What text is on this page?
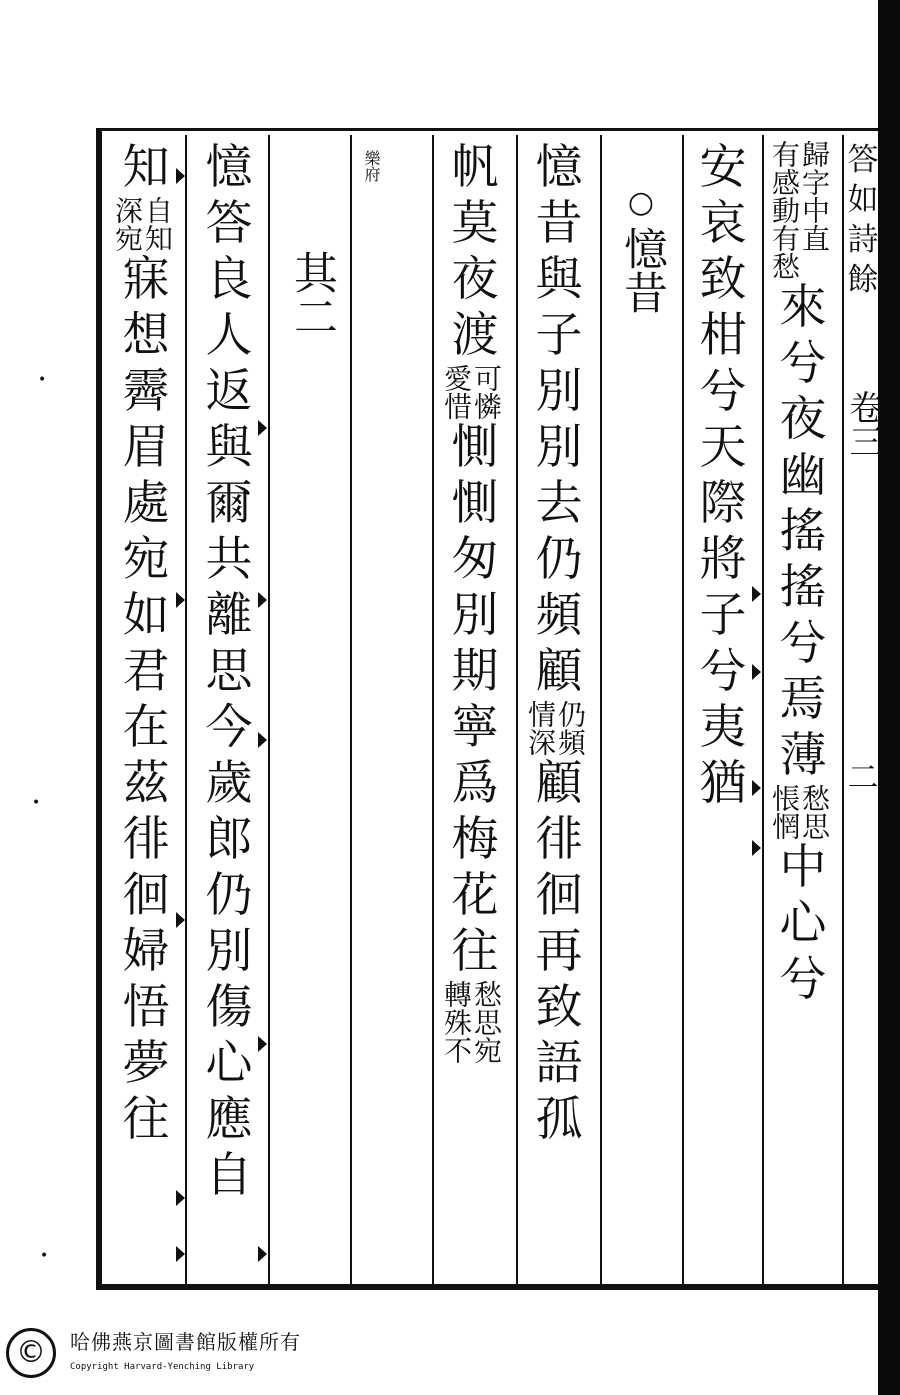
知
自知
深宛
寐
想
霽
眉
處
宛
如
君
在
茲
徘
徊
婦
悟
夢
往
憶
答
良
人
返
與
爾
共
離
思
今
歲
郎
仍
別
傷
心
應
自
其二
帆
莫
夜
渡
可憐
愛惜
惻
惻
匆
別
期
寧
爲
梅
花
往
愁思宛
轉殊不
憶
昔
與
子
別
別
去
仍
頻
顧
仍頻
情深
顧
徘
徊
再
致
語
孤
○
憶昔
安
哀
致
柑
兮
天
際
將
子
兮
夷
猶
歸字中直
有感動有愁
來
兮
夜
幽
搖
搖
兮
焉
薄
愁思
悵惘
中
心
兮
答
如
詩
餘
卷三
二
樂府
•
•
•
©	哈佛燕京圖書館版權所有
Copyright Harvard-Yenching Library
